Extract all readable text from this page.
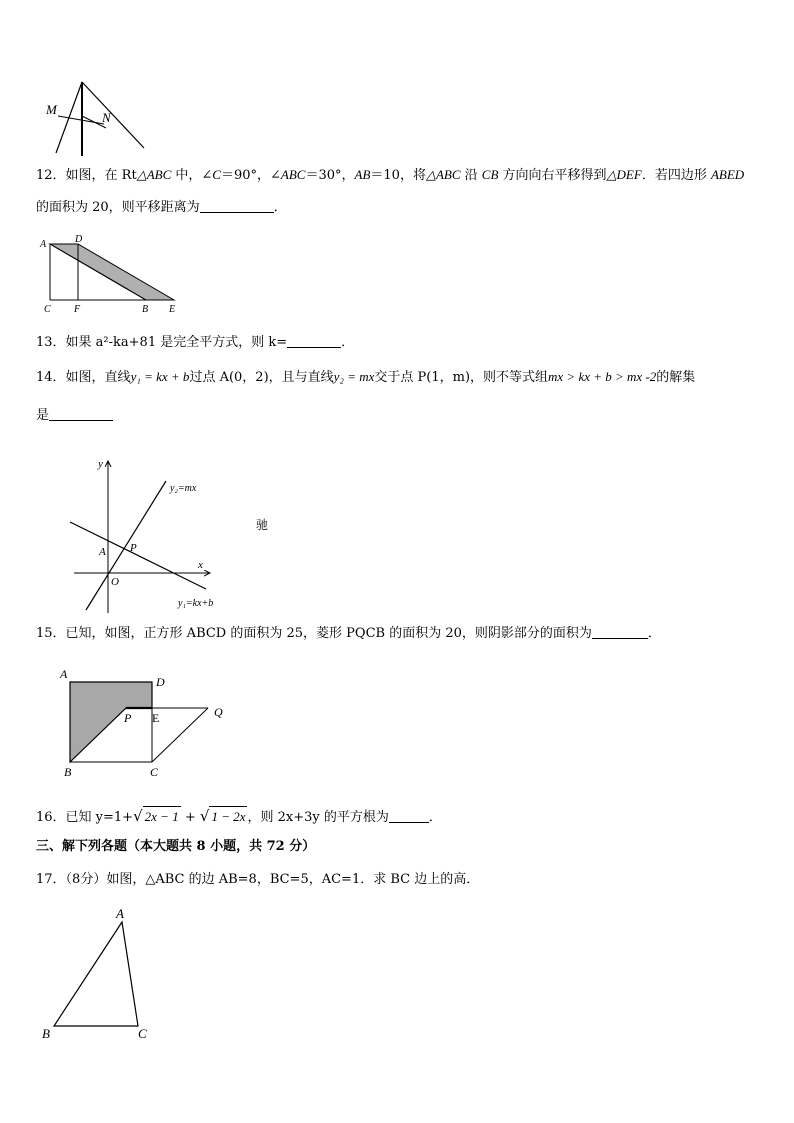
M
N
12．如图，在 Rt△ABC 中，∠C＝90°，∠ABC＝30°，AB＝10，将△ABC 沿 CB 方向向右平移得到△DEF．若四边形 ABED
的面积为 20，则平移距离为	．
A	D
C F	B E
13．如果 a²-ka+81 是完全平方式，则 k=	．
14．如图，直线y₁ = kx + b过点 A(0，2)，且与直线y₂ = mx交于点 P(1，m)，则不等式组mx > kx + b > mx -2的解集
是
y
x
y₂=mx
y₁=kx+b
A P
O
驰
15．已知，如图，正方形 ABCD 的面积为 25，菱形 PQCB 的面积为 20，则阴影部分的面积为	．
A
D
P E	Q
B	C
16．已知 y=1+√ 2x − 1 + √ 1 − 2x ，则 2x+3y 的平方根为	．
三、解下列各题（本大题共 8 小题，共 72 分）
17．（8分）如图，△ABC 的边 AB=8，BC=5，AC=1．求 BC 边上的高．
A
B	C
